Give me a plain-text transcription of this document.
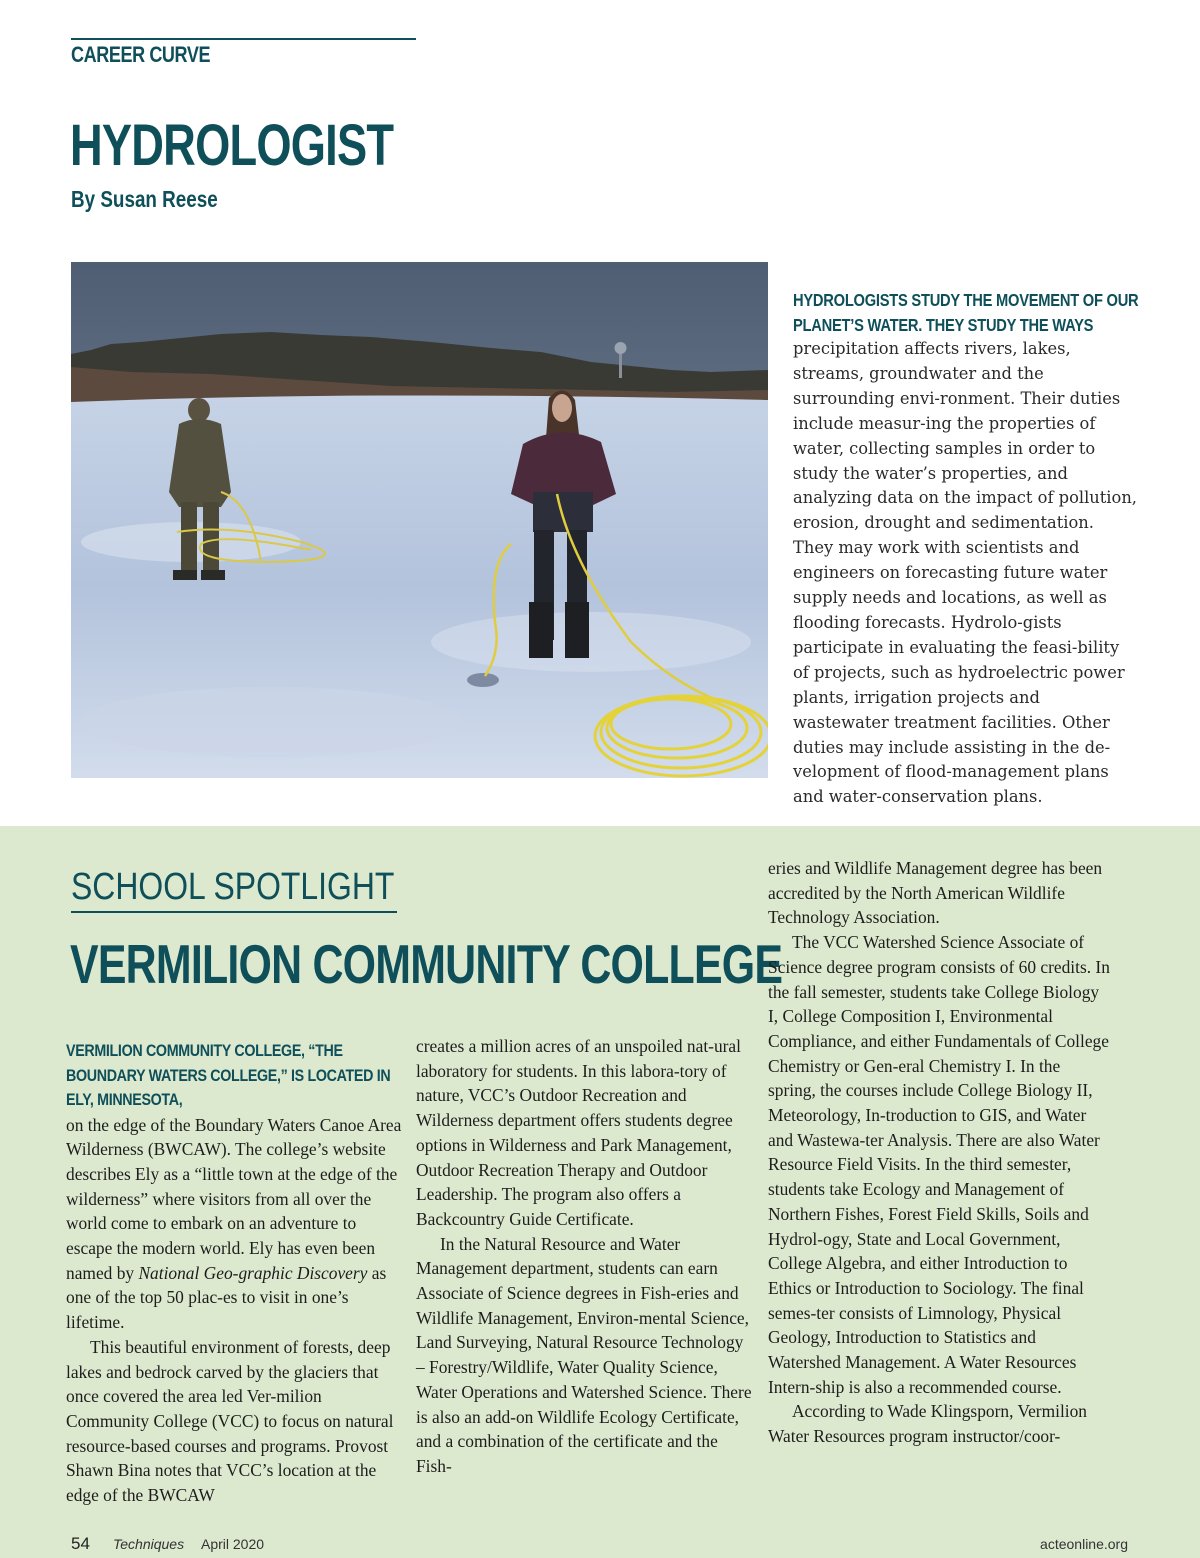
CAREER CURVE
HYDROLOGIST
By Susan Reese
HYDROLOGISTS STUDY THE MOVEMENT OF OUR PLANET’S WATER. THEY STUDY THE WAYS
precipitation affects rivers, lakes, streams, groundwater and the surrounding envi-ronment. Their duties include measur-ing the properties of water, collecting samples in order to study the water’s properties, and analyzing data on the impact of pollution, erosion, drought and sedimentation. They may work with scientists and engineers on forecasting future water supply needs and locations, as well as flooding forecasts. Hydrolo-gists participate in evaluating the feasi-bility of projects, such as hydroelectric power plants, irrigation projects and wastewater treatment facilities. Other duties may include assisting in the de-velopment of flood-management plans and water-conservation plans.
SCHOOL SPOTLIGHT
VERMILION COMMUNITY COLLEGE
VERMILION COMMUNITY COLLEGE, “THE BOUNDARY WATERS COLLEGE,” IS LOCATED IN ELY, MINNESOTA,

on the edge of the Boundary Waters Canoe Area Wilderness (BWCAW). The college’s website describes Ely as a “little town at the edge of the wilderness” where visitors from all over the world come to embark on an adventure to escape the modern world. Ely has even been named by National Geo-graphic Discovery as one of the top 50 plac-es to visit in one’s lifetime.

This beautiful environment of forests, deep lakes and bedrock carved by the glaciers that once covered the area led Ver-milion Community College (VCC) to focus on natural resource-based courses and programs. Provost Shawn Bina notes that VCC’s location at the edge of the BWCAW

creates a million acres of an unspoiled nat-ural laboratory for students. In this labora-tory of nature, VCC’s Outdoor Recreation and Wilderness department offers students degree options in Wilderness and Park Management, Outdoor Recreation Therapy and Outdoor Leadership. The program also offers a Backcountry Guide Certificate.

In the Natural Resource and Water Management department, students can earn Associate of Science degrees in Fish-eries and Wildlife Management, Environ-mental Science, Land Surveying, Natural Resource Technology – Forestry/Wildlife, Water Quality Science, Water Operations and Watershed Science. There is also an add-on Wildlife Ecology Certificate, and a combination of the certificate and the Fish-

eries and Wildlife Management degree has been accredited by the North American Wildlife Technology Association.

The VCC Watershed Science Associate of Science degree program consists of 60 credits. In the fall semester, students take College Biology I, College Composition I, Environmental Compliance, and either Fundamentals of College Chemistry or Gen-eral Chemistry I. In the spring, the courses include College Biology II, Meteorology, In-troduction to GIS, and Water and Wastewa-ter Analysis. There are also Water Resource Field Visits. In the third semester, students take Ecology and Management of Northern Fishes, Forest Field Skills, Soils and Hydrol-ogy, State and Local Government, College Algebra, and either Introduction to Ethics or Introduction to Sociology. The final semes-ter consists of Limnology, Physical Geology, Introduction to Statistics and Watershed Management. A Water Resources Intern-ship is also a recommended course.

According to Wade Klingsporn, Vermilion Water Resources program instructor/coor-

54 Techniques April 2020	acteonline.org
